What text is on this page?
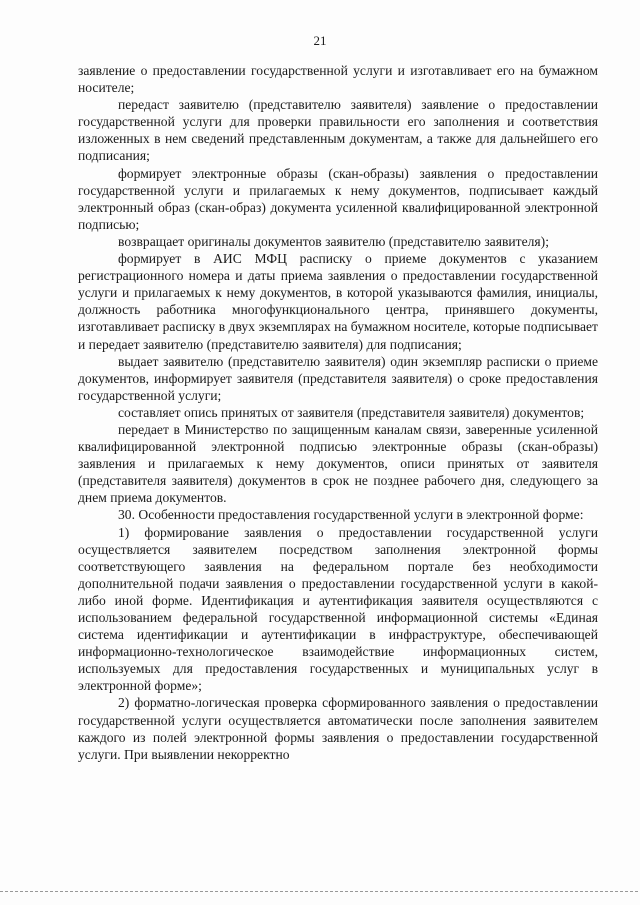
21

заявление о предоставлении государственной услуги и изготавливает его на бумажном носителе;

передаст заявителю (представителю заявителя) заявление о предоставлении государственной услуги для проверки правильности его заполнения и соответствия изложенных в нем сведений представленным документам, а также для дальнейшего его подписания;

формирует электронные образы (скан-образы) заявления о предоставлении государственной услуги и прилагаемых к нему документов, подписывает каждый электронный образ (скан-образ) документа усиленной квалифицированной электронной подписью;

возвращает оригиналы документов заявителю (представителю заявителя);

формирует в АИС МФЦ расписку о приеме документов с указанием регистрационного номера и даты приема заявления о предоставлении государственной услуги и прилагаемых к нему документов, в которой указываются фамилия, инициалы, должность работника многофункционального центра, принявшего документы, изготавливает расписку в двух экземплярах на бумажном носителе, которые подписывает и передает заявителю (представителю заявителя) для подписания;

выдает заявителю (представителю заявителя) один экземпляр расписки о приеме документов, информирует заявителя (представителя заявителя) о сроке предоставления государственной услуги;

составляет опись принятых от заявителя (представителя заявителя) документов;

передает в Министерство по защищенным каналам связи, заверенные усиленной квалифицированной электронной подписью электронные образы (скан-образы) заявления и прилагаемых к нему документов, описи принятых от заявителя (представителя заявителя) документов в срок не позднее рабочего дня, следующего за днем приема документов.

30. Особенности предоставления государственной услуги в электронной форме:

1) формирование заявления о предоставлении государственной услуги осуществляется заявителем посредством заполнения электронной формы соответствующего заявления на федеральном портале без необходимости дополнительной подачи заявления о предоставлении государственной услуги в какой-либо иной форме. Идентификация и аутентификация заявителя осуществляются с использованием федеральной государственной информационной системы «Единая система идентификации и аутентификации в инфраструктуре, обеспечивающей информационно-технологическое взаимодействие информационных систем, используемых для предоставления государственных и муниципальных услуг в электронной форме»;

2) форматно-логическая проверка сформированного заявления о предоставлении государственной услуги осуществляется автоматически после заполнения заявителем каждого из полей электронной формы заявления о предоставлении государственной услуги. При выявлении некорректно
